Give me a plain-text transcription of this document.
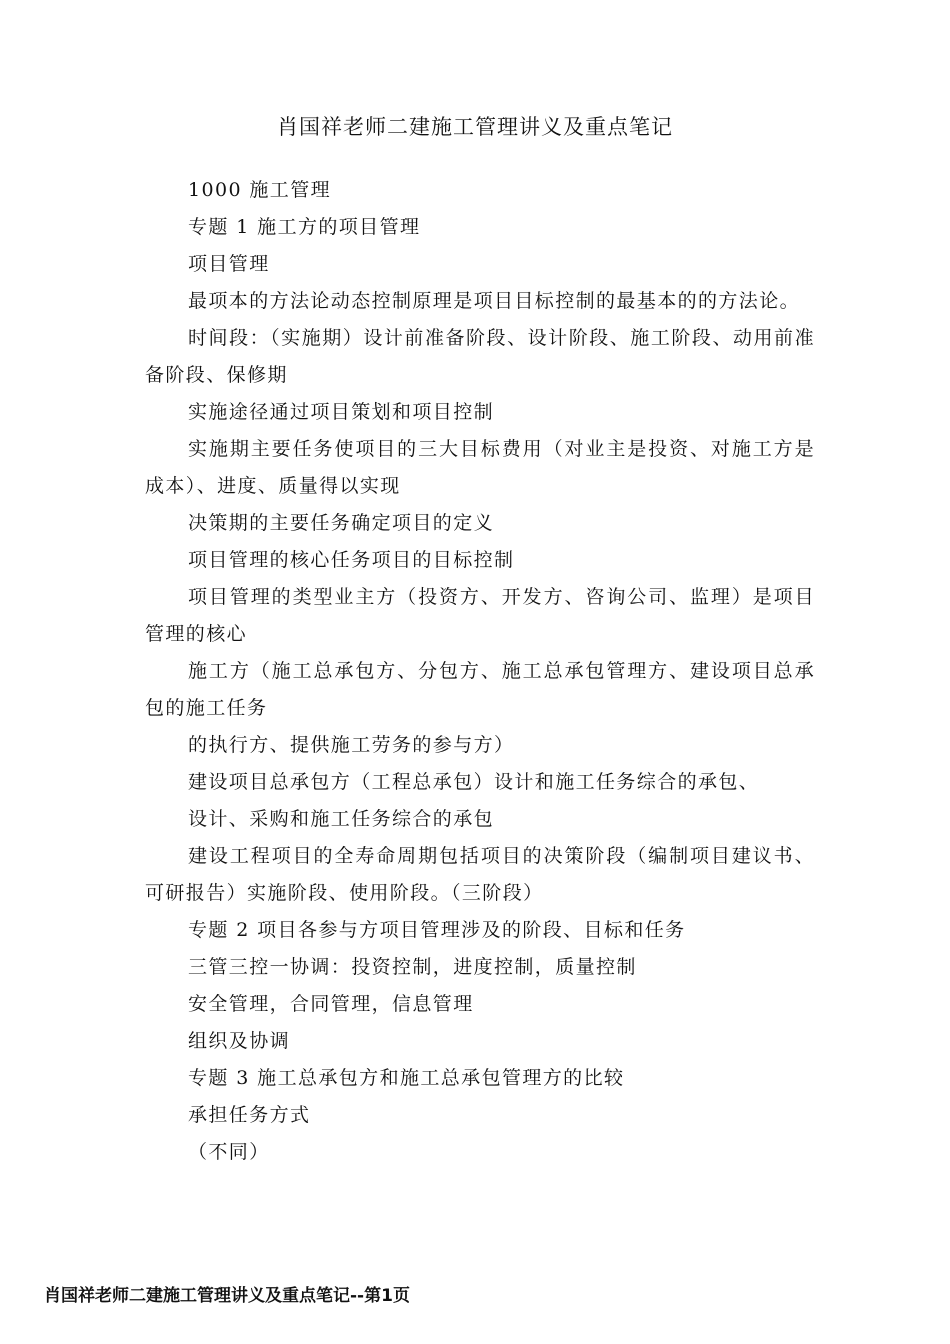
肖国祥老师二建施工管理讲义及重点笔记

1000 施工管理

专题 1 施工方的项目管理

项目管理

最项本的方法论动态控制原理是项目目标控制的最基本的的方法论。

时间段：（实施期）设计前准备阶段、设计阶段、施工阶段、动用前准备阶段、保修期

实施途径通过项目策划和项目控制

实施期主要任务使项目的三大目标费用（对业主是投资、对施工方是成本）、进度、质量得以实现

决策期的主要任务确定项目的定义

项目管理的核心任务项目的目标控制

项目管理的类型业主方（投资方、开发方、咨询公司、监理）是项目管理的核心

施工方（施工总承包方、分包方、施工总承包管理方、建设项目总承包的施工任务

的执行方、提供施工劳务的参与方）

建设项目总承包方（工程总承包）设计和施工任务综合的承包、

设计、采购和施工任务综合的承包

建设工程项目的全寿命周期包括项目的决策阶段（编制项目建议书、可研报告）实施阶段、使用阶段。（三阶段）

专题 2 项目各参与方项目管理涉及的阶段、目标和任务

三管三控一协调：投资控制，进度控制，质量控制

安全管理，合同管理，信息管理

组织及协调

专题 3 施工总承包方和施工总承包管理方的比较

承担任务方式

（不同）

肖国祥老师二建施工管理讲义及重点笔记--第1页
